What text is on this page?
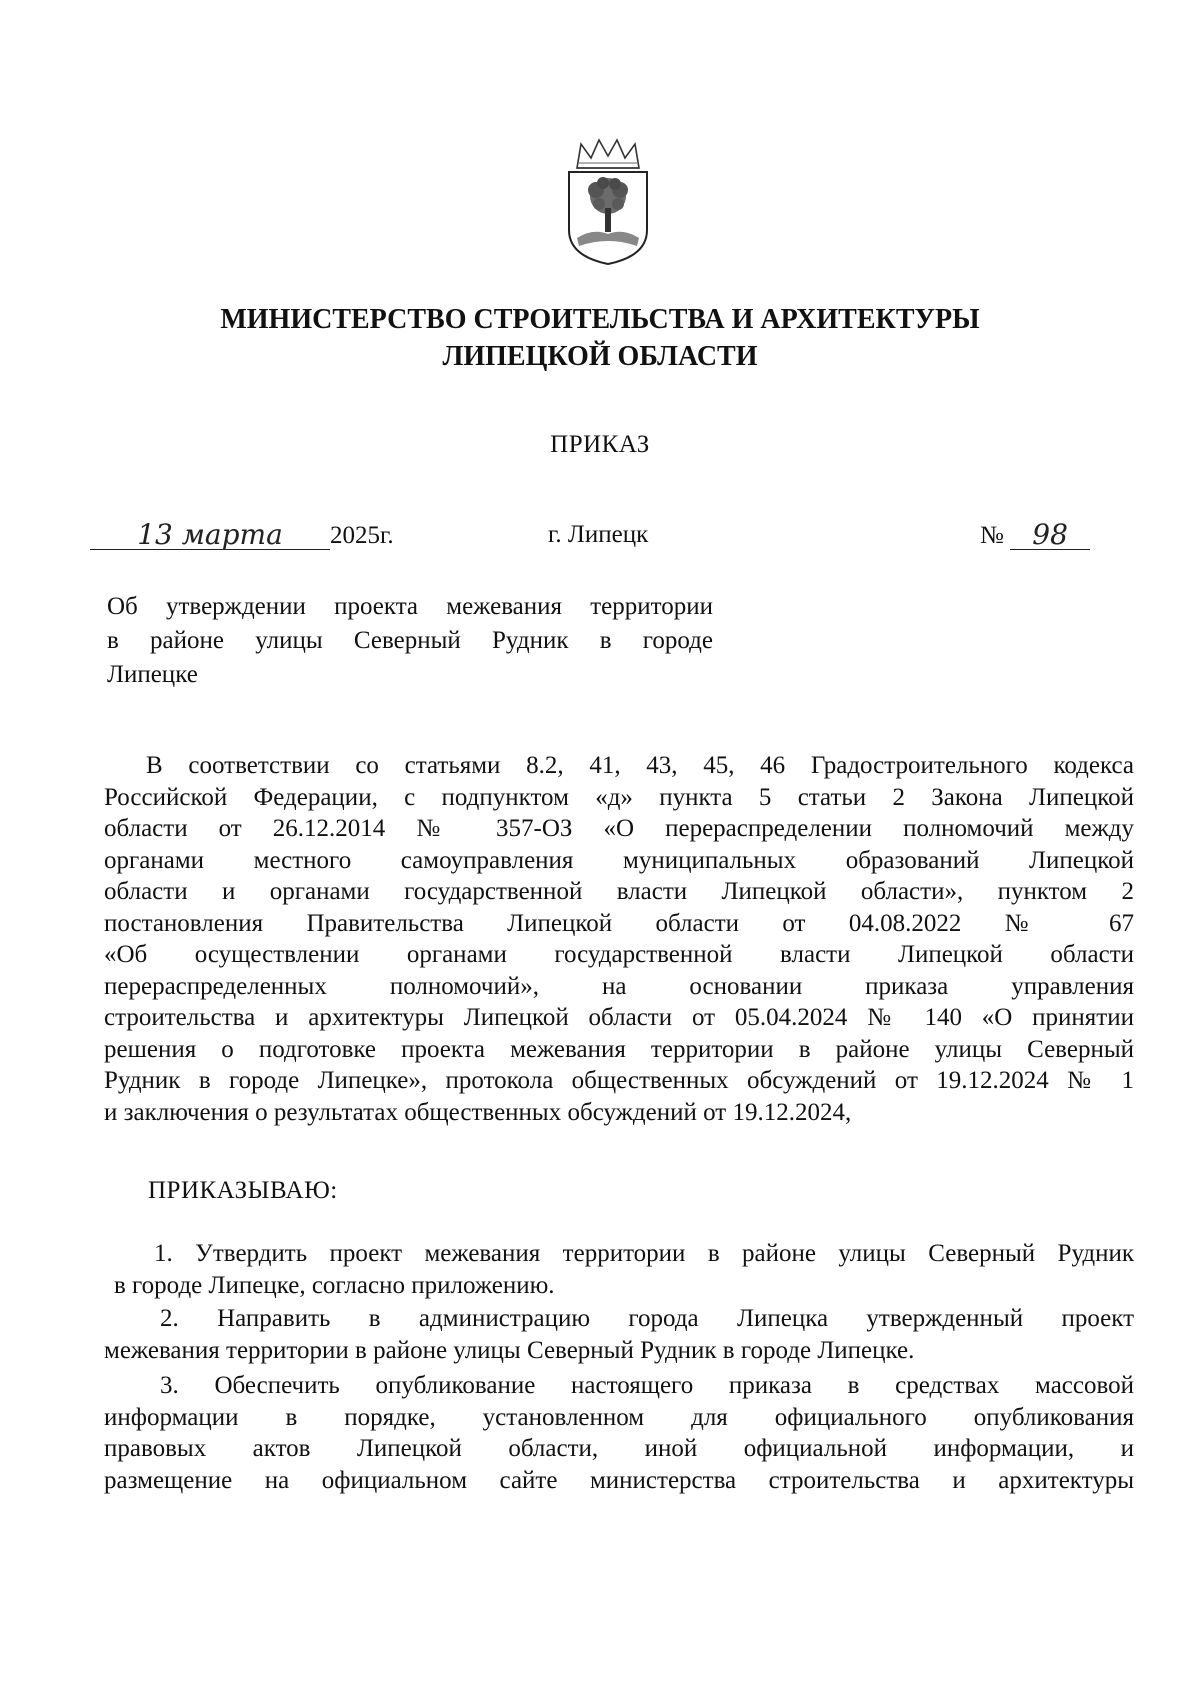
МИНИСТЕРСТВО СТРОИТЕЛЬСТВА И АРХИТЕКТУРЫ
ЛИПЕЦКОЙ ОБЛАСТИ
ПРИКАЗ
13 марта 2025г.	г. Липецк	№ 98
Об утверждении проекта межевания территории
в районе улицы Северный Рудник в городе
Липецке
В соответствии со статьями 8.2, 41, 43, 45, 46 Градостроительного кодекса
Российской Федерации, с подпунктом «д» пункта 5 статьи 2 Закона Липецкой
области от 26.12.2014 № 357-ОЗ «О перераспределении полномочий между
органами местного самоуправления муниципальных образований Липецкой
области и органами государственной власти Липецкой области», пунктом 2
постановления Правительства Липецкой области от 04.08.2022 № 67
«Об осуществлении органами государственной власти Липецкой области
перераспределенных полномочий», на основании приказа управления
строительства и архитектуры Липецкой области от 05.04.2024 № 140 «О принятии
решения о подготовке проекта межевания территории в районе улицы Северный
Рудник в городе Липецке», протокола общественных обсуждений от 19.12.2024 № 1
и заключения о результатах общественных обсуждений от 19.12.2024,
ПРИКАЗЫВАЮ:
1. Утвердить проект межевания территории в районе улицы Северный Рудник
в городе Липецке, согласно приложению.
2. Направить в администрацию города Липецка утвержденный проект
межевания территории в районе улицы Северный Рудник в городе Липецке.
3. Обеспечить опубликование настоящего приказа в средствах массовой
информации в порядке, установленном для официального опубликования
правовых актов Липецкой области, иной официальной информации, и
размещение на официальном сайте министерства строительства и архитектуры
